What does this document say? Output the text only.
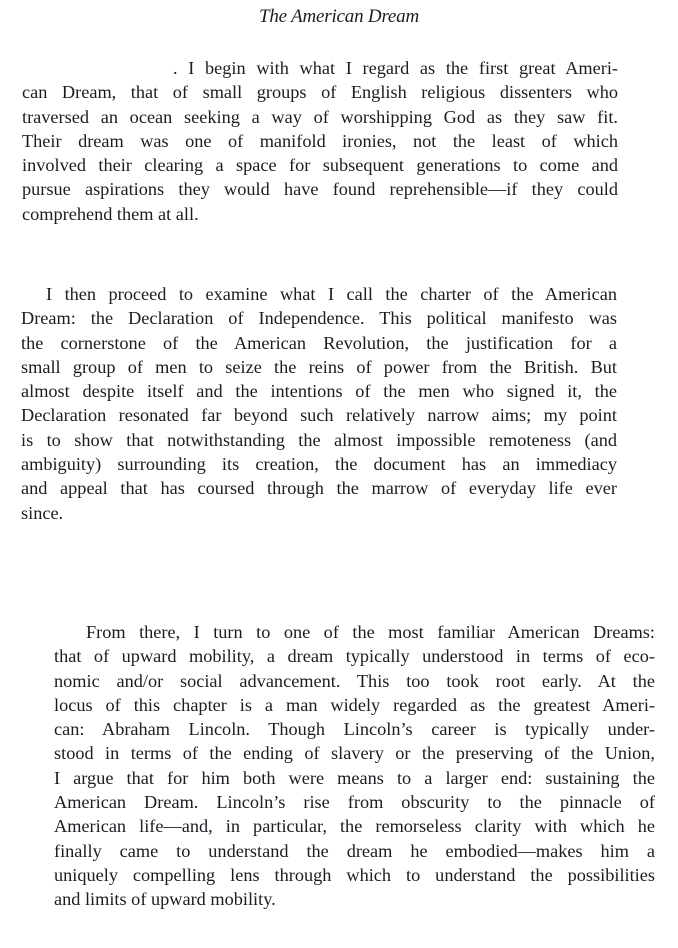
The American Dream
. I begin with what I regard as the first great Ameri-
can Dream, that of small groups of English religious dissenters who
traversed an ocean seeking a way of worshipping God as they saw fit.
Their dream was one of manifold ironies, not the least of which
involved their clearing a space for subsequent generations to come and
pursue aspirations they would have found reprehensible—if they could
comprehend them at all.
I then proceed to examine what I call the charter of the American
Dream: the Declaration of Independence. This political manifesto was
the cornerstone of the American Revolution, the justification for a
small group of men to seize the reins of power from the British. But
almost despite itself and the intentions of the men who signed it, the
Declaration resonated far beyond such relatively narrow aims; my point
is to show that notwithstanding the almost impossible remoteness (and
ambiguity) surrounding its creation, the document has an immediacy
and appeal that has coursed through the marrow of everyday life ever
since.
From there, I turn to one of the most familiar American Dreams:
that of upward mobility, a dream typically understood in terms of eco-
nomic and/or social advancement. This too took root early. At the
locus of this chapter is a man widely regarded as the greatest Ameri-
can: Abraham Lincoln. Though Lincoln’s career is typically under-
stood in terms of the ending of slavery or the preserving of the Union,
I argue that for him both were means to a larger end: sustaining the
American Dream. Lincoln’s rise from obscurity to the pinnacle of
American life—and, in particular, the remorseless clarity with which he
finally came to understand the dream he embodied—makes him a
uniquely compelling lens through which to understand the possibilities
and limits of upward mobility.
